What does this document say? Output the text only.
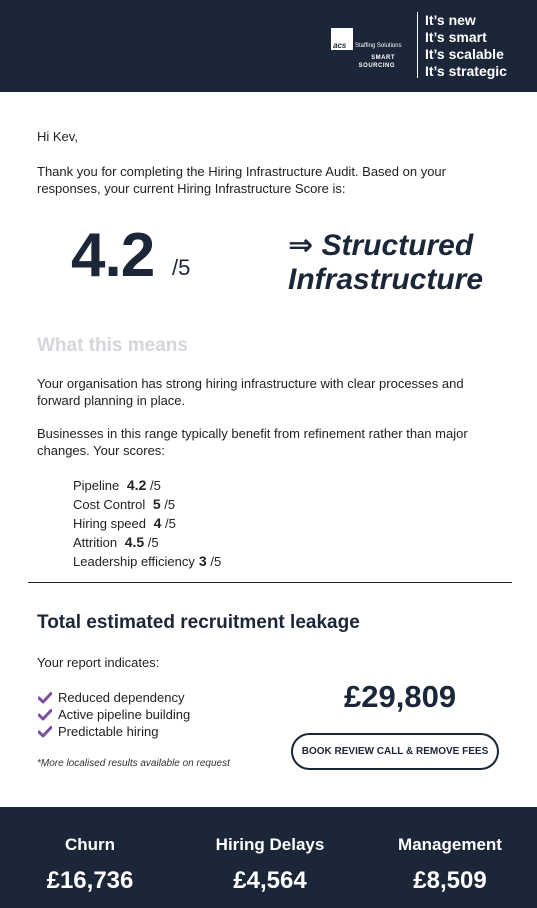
acs Staffing Solutions
SMART
SOURCING
It’s new
It’s smart
It’s scalable
It’s strategic
Hi Kev,
Thank you for completing the Hiring Infrastructure Audit. Based on your responses, your current Hiring Infrastructure Score is:
4.2 /5
⇒ Structured
Infrastructure
What this means
Your organisation has strong hiring infrastructure with clear processes and forward planning in place.
Businesses in this range typically benefit from refinement rather than major changes. Your scores:
Pipeline 4.2 /5
Cost Control 5 /5
Hiring speed 4 /5
Attrition 4.5 /5
Leadership efficiency 3 /5
Total estimated recruitment leakage
Your report indicates:
Reduced dependency
Active pipeline building
Predictable hiring
*More localised results available on request
£29,809
BOOK REVIEW CALL & REMOVE FEES
Churn
£16,736
Hiring Delays
£4,564
Management
£8,509
